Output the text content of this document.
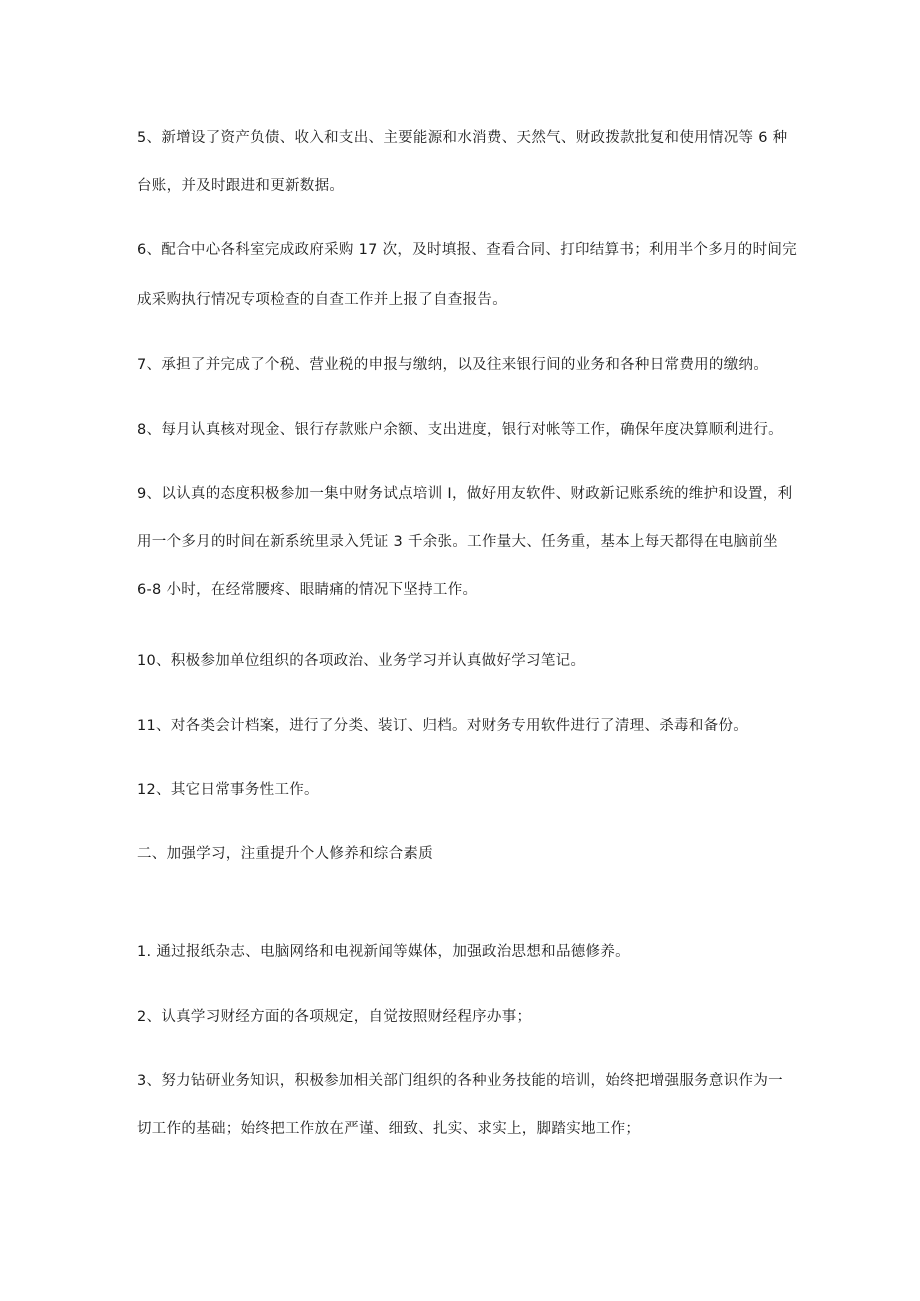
5、新增设了资产负债、收入和支出、主要能源和水消费、天然气、财政拨款批复和使用情况等 6 种
台账，并及时跟进和更新数据。
6、配合中心各科室完成政府采购 17 次，及时填报、查看合同、打印结算书；利用半个多月的时间完
成采购执行情况专项检查的自查工作并上报了自查报告。
7、承担了并完成了个税、营业税的申报与缴纳，以及往来银行间的业务和各种日常费用的缴纳。
8、每月认真核对现金、银行存款账户余额、支出进度，银行对帐等工作，确保年度决算顺利进行。
9、以认真的态度积极参加一集中财务试点培训 I，做好用友软件、财政新记账系统的维护和设置，利
用一个多月的时间在新系统里录入凭证 3 千余张。工作量大、任务重，基本上每天都得在电脑前坐
6-8 小时，在经常腰疼、眼睛痛的情况下坚持工作。
10、积极参加单位组织的各项政治、业务学习并认真做好学习笔记。
11、对各类会计档案，进行了分类、装订、归档。对财务专用软件进行了清理、杀毒和备份。
12、其它日常事务性工作。
二、加强学习，注重提升个人修养和综合素质
1. 通过报纸杂志、电脑网络和电视新闻等媒体，加强政治思想和品德修养。
2、认真学习财经方面的各项规定，自觉按照财经程序办事；
3、努力钻研业务知识，积极参加相关部门组织的各种业务技能的培训，始终把增强服务意识作为一
切工作的基础；始终把工作放在严谨、细致、扎实、求实上，脚踏实地工作；
